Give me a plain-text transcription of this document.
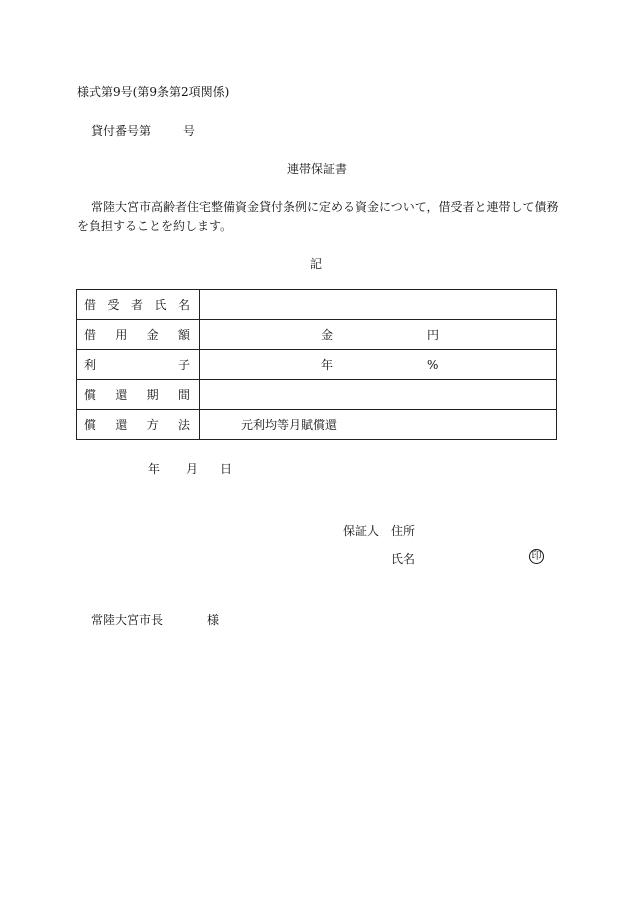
様式第9号(第9条第2項関係)
貸付番号第	号
連帯保証書
常陸大宮市高齢者住宅整備資金貸付条例に定める資金について，借受者と連帯して債務
を負担することを約します。
記
借 受 者 氏 名	

借 用 金 額	金 円

利 子	年 %

償 還 期 間	

償 還 方 法	元利均等月賦償還
年 月 日
保証人 住所
氏名	印
常陸大宮市長	様
